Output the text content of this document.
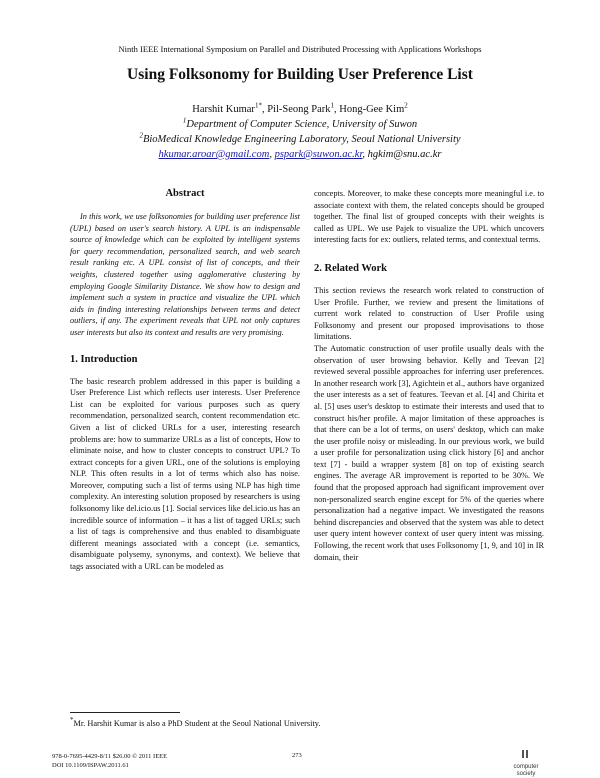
Ninth IEEE International Symposium on Parallel and Distributed Processing with Applications Workshops
Using Folksonomy for Building User Preference List
Harshit Kumar$^{1*}$, Pil-Seong Park$^1$, Hong-Gee Kim$^2$
$^1$Department of Computer Science, University of Suwon
$^2$BioMedical Knowledge Engineering Laboratory, Seoul National University
hkumar.aroar@gmail.com, pspark@suwon.ac.kr, hgkim@snu.ac.kr

Abstract

In this work, we use folksonomies for building user preference list (UPL) based on user's search history. A UPL is an indispensable source of knowledge which can be exploited by intelligent systems for query recommendation, personalized search, and web search result ranking etc. A UPL consist of list of concepts, and their weights, clustered together using agglomerative clustering by employing Google Similarity Distance. We show how to design and implement such a system in practice and visualize the UPL which aids in finding interesting relationships between terms and detect outliers, if any. The experiment reveals that UPL not only captures user interests but also its context and results are very promising.

1. Introduction

The basic research problem addressed in this paper is building a User Preference List which reflects user interests. User Preference List can be exploited for various purposes such as query recommendation, personalized search, content recommendation etc. Given a list of clicked URLs for a user, interesting research problems are: how to summarize URLs as a list of concepts, How to eliminate noise, and how to cluster concepts to construct UPL? To extract concepts for a given URL, one of the solutions is employing NLP. This often results in a lot of terms which also has noise. Moreover, computing such a list of terms using NLP has high time complexity. An interesting solution proposed by researchers is using folksonomy like del.icio.us [1]. Social services like del.icio.us has an incredible source of information – it has a list of tagged URLs; such a list of tags is comprehensive and thus enabled to disambiguate different meanings associated with a concept (i.e. semantics, disambiguate polysemy, synonyms, and context). We believe that tags associated with a URL can be modeled as

concepts. Moreover, to make these concepts more meaningful i.e. to associate context with them, the related concepts should be grouped together. The final list of grouped concepts with their weights is called as UPL. We use Pajek to visualize the UPL which uncovers interesting facts for ex: outliers, related terms, and contextual terms.

2. Related Work

This section reviews the research work related to construction of User Profile. Further, we review and present the limitations of current work related to construction of User Profile using Folksonomy and present our proposed improvisations to those limitations.

The Automatic construction of user profile usually deals with the observation of user browsing behavior. Kelly and Teevan [2] reviewed several possible approaches for inferring user preferences. In another research work [3], Agichtein et al., authors have organized the user interests as a set of features. Teevan et al. [4] and Chirita et al. [5] uses user's desktop to estimate their interests and used that to construct his/her profile. A major limitation of these approaches is that there can be a lot of terms, on users' desktop, which can make the user profile noisy or misleading. In our previous work, we build a user profile for personalization using click history [6] and anchor text [7] - build a wrapper system [8] on top of existing search engines. The average AR improvement is reported to be 30%. We found that the proposed approach had significant improvement over non-personalized search engine except for 5% of the queries where personalization had a negative impact. We investigated the reasons behind discrepancies and observed that the system was able to detect user query intent however context of user query intent was missing. Following, the recent work that uses Folksonomy [1, 9, and 10] in IR domain, their

*Mr. Harshit Kumar is also a PhD Student at the Seoul National University.
978-0-7695-4429-8/11 $26.00 © 2011 IEEE
DOI 10.1109/ISPAW.2011.61
273
computer society
